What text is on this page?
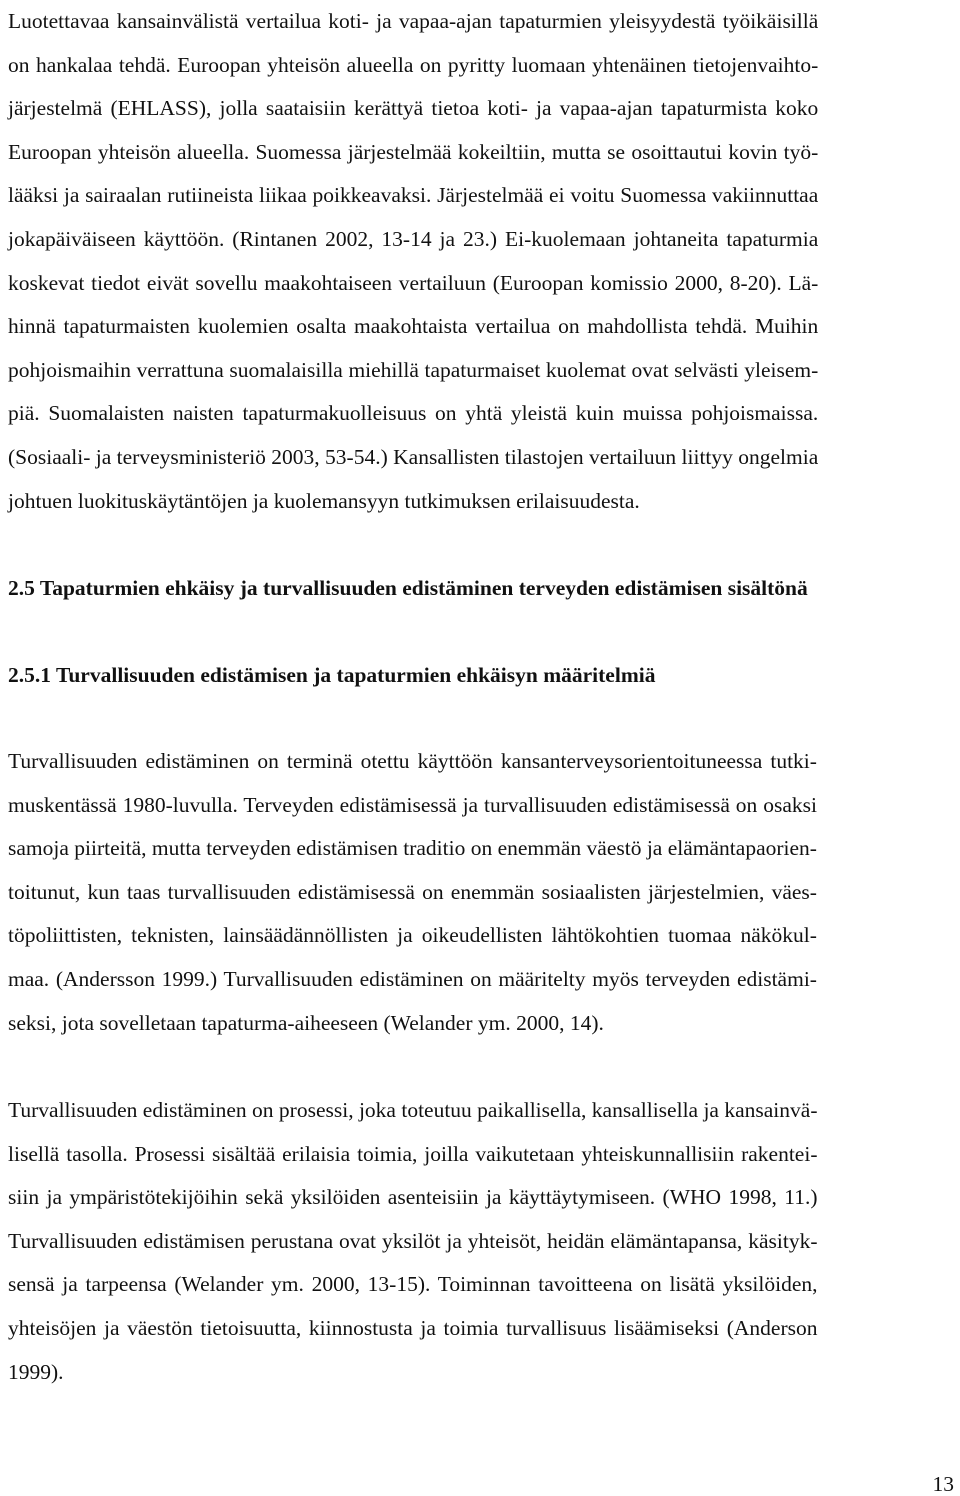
Luotettavaa kansainvälistä vertailua koti- ja vapaa-ajan tapaturmien yleisyydestä työikäisillä
on hankalaa tehdä. Euroopan yhteisön alueella on pyritty luomaan yhtenäinen tietojenvaihto-
järjestelmä (EHLASS), jolla saataisiin kerättyä tietoa koti- ja vapaa-ajan tapaturmista koko
Euroopan yhteisön alueella. Suomessa järjestelmää kokeiltiin, mutta se osoittautui kovin työ-
lääksi ja sairaalan rutiineista liikaa poikkeavaksi. Järjestelmää ei voitu Suomessa vakiinnuttaa
jokapäiväiseen käyttöön. (Rintanen 2002, 13-14 ja 23.) Ei-kuolemaan johtaneita tapaturmia
koskevat tiedot eivät sovellu maakohtaiseen vertailuun (Euroopan komissio 2000, 8-20). Lä-
hinnä tapaturmaisten kuolemien osalta maakohtaista vertailua on mahdollista tehdä. Muihin
pohjoismaihin verrattuna suomalaisilla miehillä tapaturmaiset kuolemat ovat selvästi yleisem-
piä. Suomalaisten naisten tapaturmakuolleisuus on yhtä yleistä kuin muissa pohjoismaissa.
(Sosiaali- ja terveysministeriö 2003, 53-54.) Kansallisten tilastojen vertailuun liittyy ongelmia
johtuen luokituskäytäntöjen ja kuolemansyyn tutkimuksen erilaisuudesta.
2.5 Tapaturmien ehkäisy ja turvallisuuden edistäminen terveyden edistämisen sisältönä
2.5.1 Turvallisuuden edistämisen ja tapaturmien ehkäisyn määritelmiä
Turvallisuuden edistäminen on terminä otettu käyttöön kansanterveysorientoituneessa tutki-
muskentässä 1980-luvulla. Terveyden edistämisessä ja turvallisuuden edistämisessä on osaksi
samoja piirteitä, mutta terveyden edistämisen traditio on enemmän väestö ja elämäntapaorien-
toitunut, kun taas turvallisuuden edistämisessä on enemmän sosiaalisten järjestelmien, väes-
töpoliittisten, teknisten, lainsäädännöllisten ja oikeudellisten lähtökohtien tuomaa näkökul-
maa. (Andersson 1999.) Turvallisuuden edistäminen on määritelty myös terveyden edistämi-
seksi, jota sovelletaan tapaturma-aiheeseen (Welander ym. 2000, 14).
Turvallisuuden edistäminen on prosessi, joka toteutuu paikallisella, kansallisella ja kansainvä-
lisellä tasolla. Prosessi sisältää erilaisia toimia, joilla vaikutetaan yhteiskunnallisiin rakentei-
siin ja ympäristötekijöihin sekä yksilöiden asenteisiin ja käyttäytymiseen. (WHO 1998, 11.)
Turvallisuuden edistämisen perustana ovat yksilöt ja yhteisöt, heidän elämäntapansa, käsityk-
sensä ja tarpeensa (Welander ym. 2000, 13-15). Toiminnan tavoitteena on lisätä yksilöiden,
yhteisöjen ja väestön tietoisuutta, kiinnostusta ja toimia turvallisuus lisäämiseksi (Anderson
1999).
13
